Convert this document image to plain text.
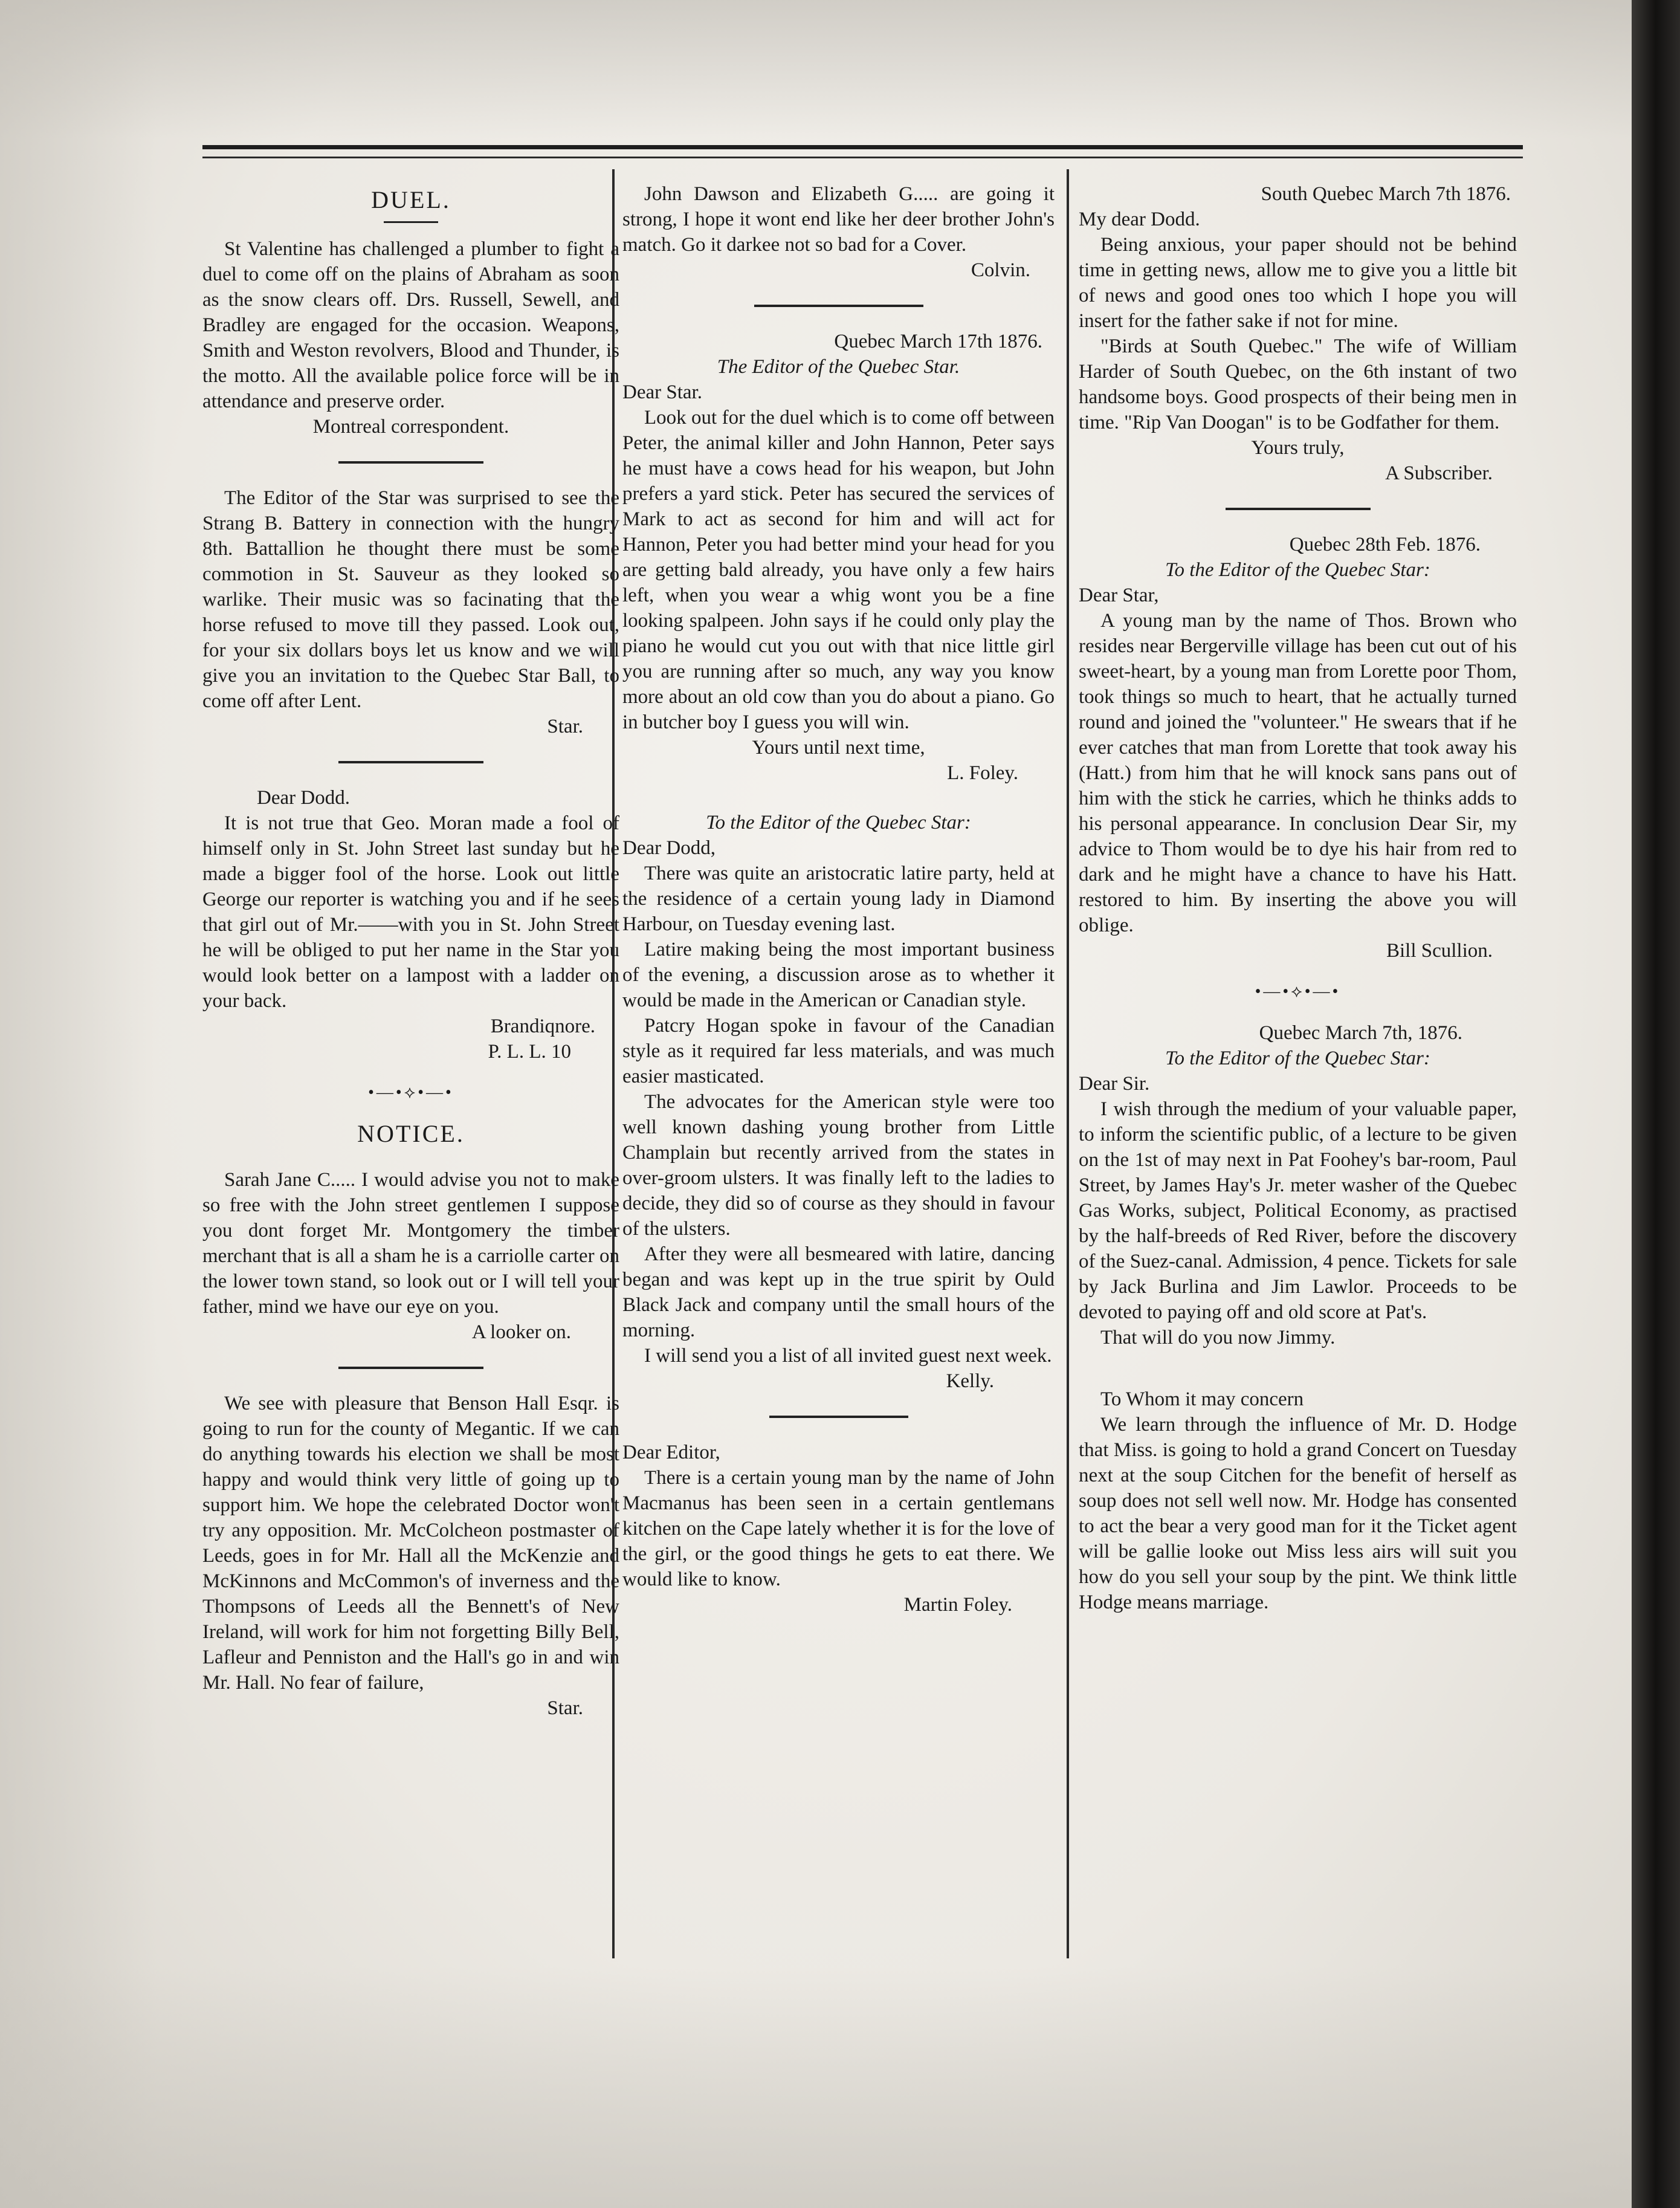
DUEL.

St Valentine has challenged a plumber to fight a duel to come off on the plains of Abraham as soon as the snow clears off. Drs. Russell, Sewell, and Bradley are engaged for the occasion. Weapons, Smith and Weston revolvers, Blood and Thunder, is the motto. All the available police force will be in attendance and preserve order.

Montreal correspondent.

The Editor of the Star was surprised to see the Strang B. Battery in connection with the hungry 8th. Battallion he thought there must be some commotion in St. Sauveur as they looked so warlike. Their music was so facinating that the horse refused to move till they passed. Look out, for your six dollars boys let us know and we will give you an invitation to the Quebec Star Ball, to come off after Lent.

Star.

Dear Dodd.

It is not true that Geo. Moran made a fool of himself only in St. John Street last sunday but he made a bigger fool of the horse. Look out little George our reporter is watching you and if he sees that girl out of Mr.——with you in St. John Street he will be obliged to put her name in the Star you would look better on a lampost with a ladder on your back.

Brandiqnore.

P. L. L. 10

•—•⟡•—•
NOTICE.

Sarah Jane C..... I would advise you not to make so free with the John street gentlemen I suppose you dont forget Mr. Montgomery the timber merchant that is all a sham he is a carriolle carter on the lower town stand, so look out or I will tell your father, mind we have our eye on you.

A looker on.

We see with pleasure that Benson Hall Esqr. is going to run for the county of Megantic. If we can do anything towards his election we shall be most happy and would think very little of going up to support him. We hope the celebrated Doctor won't try any opposition. Mr. McColcheon postmaster of Leeds, goes in for Mr. Hall all the McKenzie and McKinnons and McCommon's of inverness and the Thompsons of Leeds all the Bennett's of New Ireland, will work for him not forgetting Billy Bell, Lafleur and Penniston and the Hall's go in and win Mr. Hall. No fear of failure,

Star.

John Dawson and Elizabeth G..... are going it strong, I hope it wont end like her deer brother John's match. Go it darkee not so bad for a Cover.

Colvin.

Quebec March 17th 1876.

The Editor of the Quebec Star.

Dear Star.

Look out for the duel which is to come off between Peter, the animal killer and John Hannon, Peter says he must have a cows head for his weapon, but John prefers a yard stick. Peter has secured the services of Mark to act as second for him and will act for Hannon, Peter you had better mind your head for you are getting bald already, you have only a few hairs left, when you wear a whig wont you be a fine looking spalpeen. John says if he could only play the piano he would cut you out with that nice little girl you are running after so much, any way you know more about an old cow than you do about a piano. Go in butcher boy I guess you will win.

Yours until next time,

L. Foley.

To the Editor of the Quebec Star:

Dear Dodd,

There was quite an aristocratic latire party, held at the residence of a certain young lady in Diamond Harbour, on Tuesday evening last.

Latire making being the most important business of the evening, a discussion arose as to whether it would be made in the American or Canadian style.

Patcry Hogan spoke in favour of the Canadian style as it required far less materials, and was much easier masticated.

The advocates for the American style were too well known dashing young brother from Little Champlain but recently arrived from the states in over-groom ulsters. It was finally left to the ladies to decide, they did so of course as they should in favour of the ulsters.

After they were all besmeared with latire, dancing began and was kept up in the true spirit by Ould Black Jack and company until the small hours of the morning.

I will send you a list of all invited guest next week.

Kelly.

Dear Editor,

There is a certain young man by the name of John Macmanus has been seen in a certain gentlemans kitchen on the Cape lately whether it is for the love of the girl, or the good things he gets to eat there. We would like to know.

Martin Foley.

South Quebec March 7th 1876.

My dear Dodd.

Being anxious, your paper should not be behind time in getting news, allow me to give you a little bit of news and good ones too which I hope you will insert for the father sake if not for mine.

"Birds at South Quebec." The wife of William Harder of South Quebec, on the 6th instant of two handsome boys. Good prospects of their being men in time. "Rip Van Doogan" is to be Godfather for them.

Yours truly,

A Subscriber.

Quebec 28th Feb. 1876.

To the Editor of the Quebec Star:

Dear Star,

A young man by the name of Thos. Brown who resides near Bergerville village has been cut out of his sweet-heart, by a young man from Lorette poor Thom, took things so much to heart, that he actually turned round and joined the "volunteer." He swears that if he ever catches that man from Lorette that took away his (Hatt.) from him that he will knock sans pans out of him with the stick he carries, which he thinks adds to his personal appearance. In conclusion Dear Sir, my advice to Thom would be to dye his hair from red to dark and he might have a chance to have his Hatt. restored to him. By inserting the above you will oblige.

Bill Scullion.

•—•⟡•—•

Quebec March 7th, 1876.

To the Editor of the Quebec Star:

Dear Sir.

I wish through the medium of your valuable paper, to inform the scientific public, of a lecture to be given on the 1st of may next in Pat Foohey's bar-room, Paul Street, by James Hay's Jr. meter washer of the Quebec Gas Works, subject, Political Economy, as practised by the half-breeds of Red River, before the discovery of the Suez-canal. Admission, 4 pence. Tickets for sale by Jack Burlina and Jim Lawlor. Proceeds to be devoted to paying off and old score at Pat's.

That will do you now Jimmy.

To Whom it may concern

We learn through the influence of Mr. D. Hodge that Miss. is going to hold a grand Concert on Tuesday next at the soup Citchen for the benefit of herself as soup does not sell well now. Mr. Hodge has consented to act the bear a very good man for it the Ticket agent will be gallie looke out Miss less airs will suit you how do you sell your soup by the pint. We think little Hodge means marriage.
